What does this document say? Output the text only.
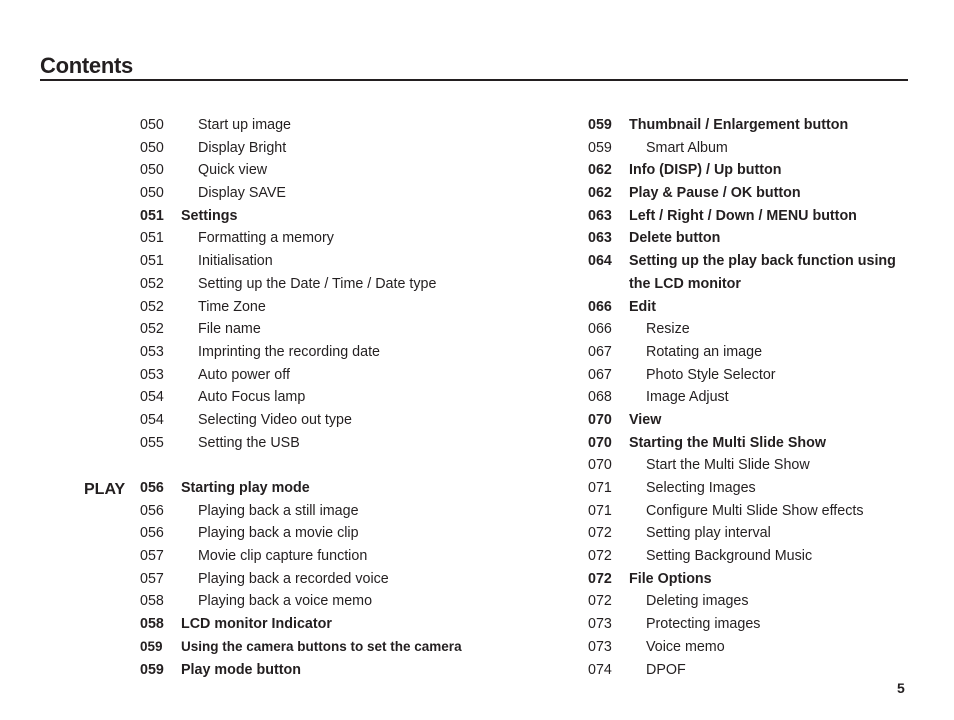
Contents
PLAY
050 Start up image
050 Display Bright
050 Quick view
050 Display SAVE
051 Settings
051 Formatting a memory
051 Initialisation
052 Setting up the Date / Time / Date type
052 Time Zone
052 File name
053 Imprinting the recording date
053 Auto power off
054 Auto Focus lamp
054 Selecting Video out type
055 Setting the USB
056 Starting play mode
056 Playing back a still image
056 Playing back a movie clip
057 Movie clip capture function
057 Playing back a recorded voice
058 Playing back a voice memo
058 LCD monitor Indicator
059 Using the camera buttons to set the camera
059 Play mode button
059 Thumbnail / Enlargement button
059 Smart Album
062 Info (DISP) / Up button
062 Play & Pause / OK button
063 Left / Right / Down / MENU button
063 Delete button
064 Setting up the play back function using
the LCD monitor
066 Edit
066 Resize
067 Rotating an image
067 Photo Style Selector
068 Image Adjust
070 View
070 Starting the Multi Slide Show
070 Start the Multi Slide Show
071 Selecting Images
071 Configure Multi Slide Show effects
072 Setting play interval
072 Setting Background Music
072 File Options
072 Deleting images
073 Protecting images
073 Voice memo
074 DPOF
5
